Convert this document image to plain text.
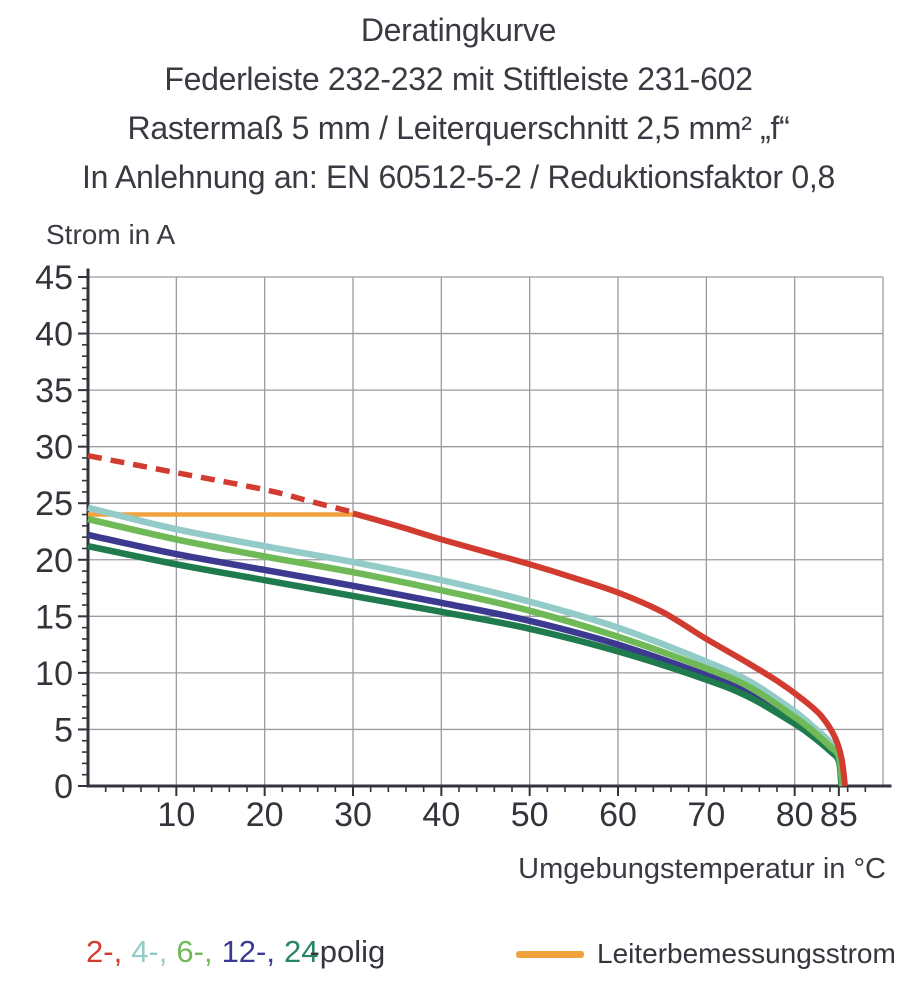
Deratingkurve
Federleiste 232-232 mit Stiftleiste 231-602
Rastermaß 5 mm / Leiterquerschnitt 2,5 mm² „f“
In Anlehnung an: EN 60512-5-2 / Reduktionsfaktor 0,8
Strom in A
0
5
10
15
20
25
30
35
40
45
10 20 30 40 50 60 70 80 85
Umgebungstemperatur in °C
2-, 4-, 6-, 12-, 24-polig	Leiterbemessungsstrom
